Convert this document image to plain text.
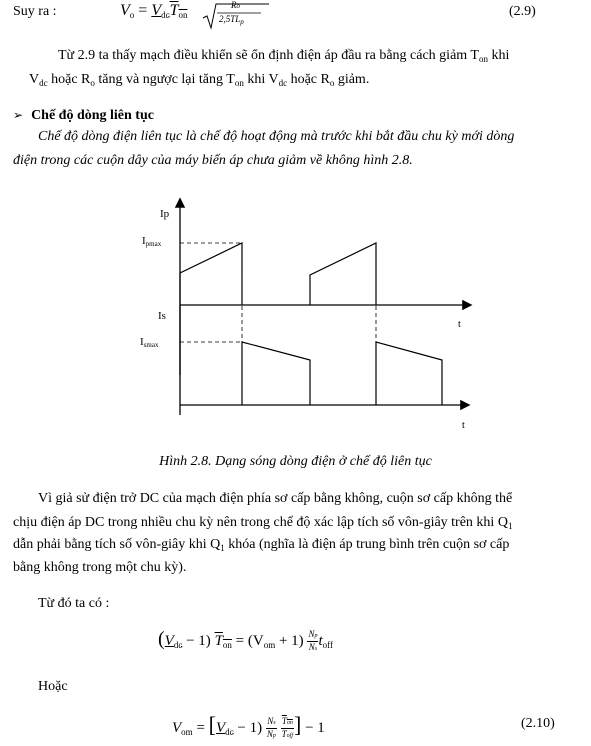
Suy ra :	$V_o = V_{dc}T_{on}$
Ro
$2,5TL_p$
(2.9)
Từ 2.9 ta thấy mạch điều khiển sẽ ổn định điện áp đầu ra bằng cách giảm $T_{on}$ khi
$V_{dc}$ hoặc $R_o$ tăng và ngược lại tăng $T_{on}$ khi $V_{dc}$ hoặc $R_o$ giảm.
➢ Chế độ dòng liên tục
Chế độ dòng điện liên tục là chế độ hoạt động mà trước khi bắt đầu chu kỳ mới dòng
điện trong các cuộn dây của máy biến áp chưa giảm về không hình 2.8.
Ip
Ipmax
Is
Ismax
t
t
Hình 2.8. Dạng sóng dòng điện ở chế độ liên tục
Vì giả sử điện trở DC của mạch điện phía sơ cấp bằng không, cuộn sơ cấp không thể
chịu điện áp DC trong nhiều chu kỳ nên trong chế độ xác lập tích số vôn-giây trên khi $Q_1$
dẫn phải bằng tích số vôn-giây khi $Q_1$ khóa (nghĩa là điện áp trung bình trên cuộn sơ cấp
bằng không trong một chu kỳ).
Từ đó ta có :
$(V_{dc} - 1) T_{on} = (V_{om} + 1) \frac{Np}{Ns} t_{off}$
Hoặc
$V_{om} = [V_{dc} - 1) \frac{Ns}{Np}$
$\frac{\text{Ton}}{\text{Toff}}$ ] − 1	(2.10)
